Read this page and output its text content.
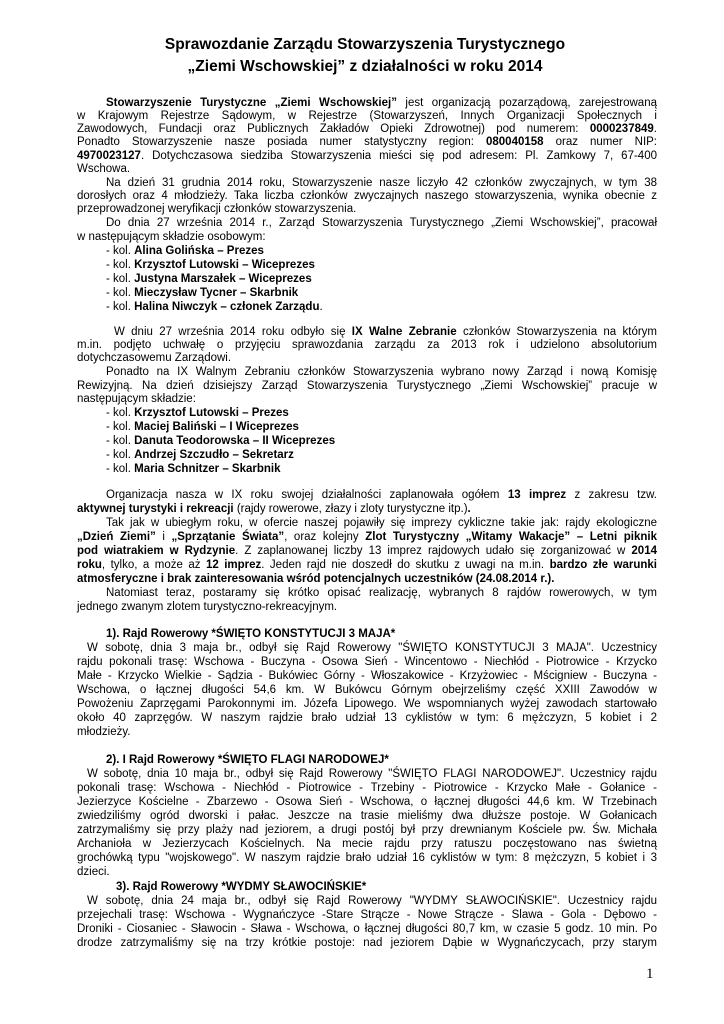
Sprawozdanie Zarządu Stowarzyszenia Turystycznego
„Ziemi Wschowskiej” z działalności w roku 2014
Stowarzyszenie Turystyczne „Ziemi Wschowskiej” jest organizacją pozarządową, zarejestrowaną
w Krajowym Rejestrze Sądowym, w Rejestrze (Stowarzyszeń, Innych Organizacji Społecznych i
Zawodowych, Fundacji oraz Publicznych Zakładów Opieki Zdrowotnej) pod numerem: 0000237849.
Ponadto Stowarzyszenie nasze posiada numer statystyczny region: 080040158 oraz numer NIP:
4970023127. Dotychczasowa siedziba Stowarzyszenia mieści się pod adresem: Pl. Zamkowy 7, 67-400
Wschowa.
Na dzień 31 grudnia 2014 roku, Stowarzyszenie nasze liczyło 42 członków zwyczajnych, w tym 38
dorosłych oraz 4 młodzieży. Taka liczba członków zwyczajnych naszego stowarzyszenia, wynika obecnie z
przeprowadzonej weryfikacji członków stowarzyszenia.
Do dnia 27 września 2014 r., Zarząd Stowarzyszenia Turystycznego „Ziemi Wschowskiej”, pracował
w następującym składzie osobowym:
- kol. Alina Golińska – Prezes
- kol. Krzysztof Lutowski – Wiceprezes
- kol. Justyna Marszałek – Wiceprezes
- kol. Mieczysław Tycner – Skarbnik
- kol. Halina Niwczyk – członek Zarządu.
W dniu 27 września 2014 roku odbyło się IX Walne Zebranie członków Stowarzyszenia na którym
m.in. podjęto uchwałę o przyjęciu sprawozdania zarządu za 2013 rok i udzielono absolutorium
dotychczasowemu Zarządowi.
Ponadto na IX Walnym Zebraniu członków Stowarzyszenia wybrano nowy Zarząd i nową Komisję
Rewizyjną. Na dzień dzisiejszy Zarząd Stowarzyszenia Turystycznego „Ziemi Wschowskiej” pracuje w
następującym składzie:
- kol. Krzysztof Lutowski – Prezes
- kol. Maciej Baliński – I Wiceprezes
- kol. Danuta Teodorowska – II Wiceprezes
- kol. Andrzej Szczudło – Sekretarz
- kol. Maria Schnitzer – Skarbnik
Organizacja nasza w IX roku swojej działalności zaplanowała ogółem 13 imprez z zakresu tzw.
aktywnej turystyki i rekreacji (rajdy rowerowe, złazy i zloty turystyczne itp.).
Tak jak w ubiegłym roku, w ofercie naszej pojawiły się imprezy cykliczne takie jak: rajdy ekologiczne
„Dzień Ziemi” i „Sprzątanie Świata”, oraz kolejny Zlot Turystyczny „Witamy Wakacje” – Letni piknik
pod wiatrakiem w Rydzynie. Z zaplanowanej liczby 13 imprez rajdowych udało się zorganizować w 2014
roku, tylko, a może aż 12 imprez. Jeden rajd nie doszedł do skutku z uwagi na m.in. bardzo złe warunki
atmosferyczne i brak zainteresowania wśród potencjalnych uczestników (24.08.2014 r.).
Natomiast teraz, postaramy się krótko opisać realizację, wybranych 8 rajdów rowerowych, w tym
jednego zwanym zlotem turystyczno-rekreacyjnym.
1). Rajd Rowerowy *ŚWIĘTO KONSTYTUCJI 3 MAJA*
W sobotę, dnia 3 maja br., odbył się Rajd Rowerowy "ŚWIĘTO KONSTYTUCJI 3 MAJA". Uczestnicy
rajdu pokonali trasę: Wschowa - Buczyna - Osowa Sień - Wincentowo - Niechłód - Piotrowice - Krzycko
Małe - Krzycko Wielkie - Sądzia - Bukówiec Górny - Włoszakowice - Krzyżowiec - Mścigniew - Buczyna -
Wschowa, o łącznej długości 54,6 km. W Bukówcu Górnym obejrzeliśmy część XXIII Zawodów w
Powożeniu Zaprzęgami Parokonnymi im. Józefa Lipowego. We wspomnianych wyżej zawodach startowało
około 40 zaprzęgów. W naszym rajdzie brało udział 13 cyklistów w tym: 6 mężczyzn, 5 kobiet i 2
młodzieży.
2). I Rajd Rowerowy *ŚWIĘTO FLAGI NARODOWEJ*
W sobotę, dnia 10 maja br., odbył się Rajd Rowerowy "ŚWIĘTO FLAGI NARODOWEJ". Uczestnicy rajdu
pokonali trasę: Wschowa - Niechłód - Piotrowice - Trzebiny - Piotrowice - Krzycko Małe - Gołanice -
Jezierzyce Kościelne - Zbarzewo - Osowa Sień - Wschowa, o łącznej długości 44,6 km. W Trzebinach
zwiedziliśmy ogród dworski i pałac. Jeszcze na trasie mieliśmy dwa dłuższe postoje. W Gołanicach
zatrzymaliśmy się przy plaży nad jeziorem, a drugi postój był przy drewnianym Kościele pw. Św. Michała
Archanioła w Jezierzycach Kościelnych. Na mecie rajdu przy ratuszu poczęstowano nas świetną
grochówką typu "wojskowego". W naszym rajdzie brało udział 16 cyklistów w tym: 8 mężczyzn, 5 kobiet i 3
dzieci.
3). Rajd Rowerowy *WYDMY SŁAWOCIŃSKIE*
W sobotę, dnia 24 maja br., odbył się Rajd Rowerowy "WYDMY SŁAWOCIŃSKIE". Uczestnicy rajdu
przejechali trasę: Wschowa - Wygnańczyce -Stare Strącze - Nowe Strącze - Slawa - Gola - Dębowo -
Droniki - Ciosaniec - Sławocin - Sława - Wschowa, o łącznej długości 80,7 km, w czasie 5 godz. 10 min. Po
drodze zatrzymaliśmy się na trzy krótkie postoje: nad jeziorem Dąbie w Wygnańczycach, przy starym
1
